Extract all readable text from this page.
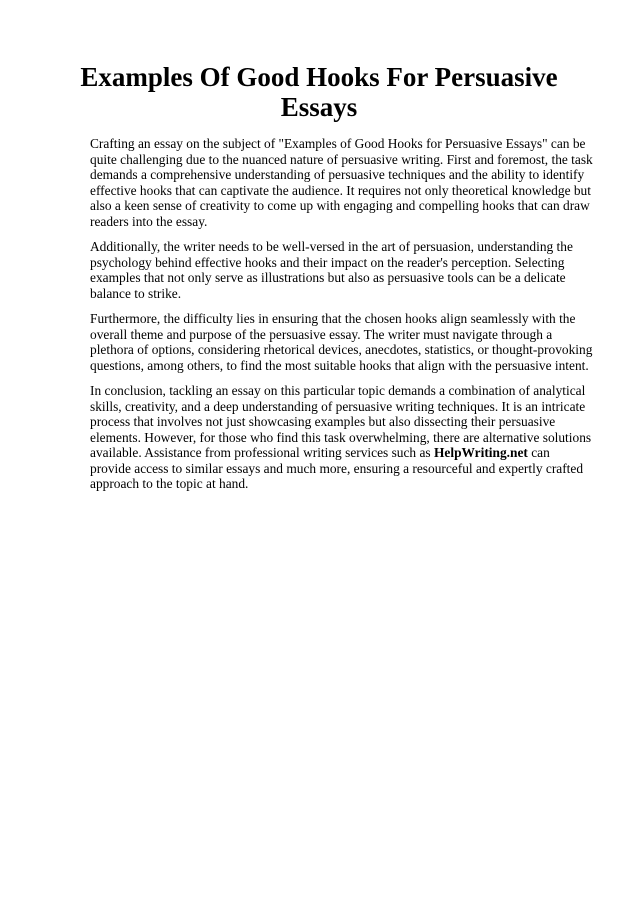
Examples Of Good Hooks For Persuasive Essays

Crafting an essay on the subject of "Examples of Good Hooks for Persuasive Essays" can be quite challenging due to the nuanced nature of persuasive writing. First and foremost, the task demands a comprehensive understanding of persuasive techniques and the ability to identify effective hooks that can captivate the audience. It requires not only theoretical knowledge but also a keen sense of creativity to come up with engaging and compelling hooks that can draw readers into the essay.

Additionally, the writer needs to be well-versed in the art of persuasion, understanding the psychology behind effective hooks and their impact on the reader's perception. Selecting examples that not only serve as illustrations but also as persuasive tools can be a delicate balance to strike.

Furthermore, the difficulty lies in ensuring that the chosen hooks align seamlessly with the overall theme and purpose of the persuasive essay. The writer must navigate through a plethora of options, considering rhetorical devices, anecdotes, statistics, or thought-provoking questions, among others, to find the most suitable hooks that align with the persuasive intent.

In conclusion, tackling an essay on this particular topic demands a combination of analytical skills, creativity, and a deep understanding of persuasive writing techniques. It is an intricate process that involves not just showcasing examples but also dissecting their persuasive elements. However, for those who find this task overwhelming, there are alternative solutions available. Assistance from professional writing services such as HelpWriting.net can provide access to similar essays and much more, ensuring a resourceful and expertly crafted approach to the topic at hand.
